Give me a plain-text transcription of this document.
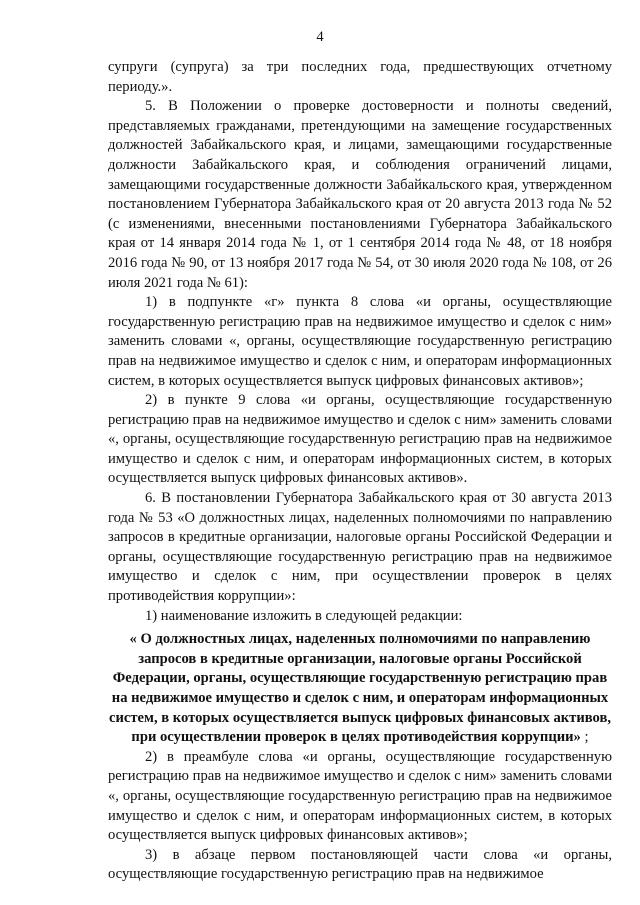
4

супруги (супруга) за три последних года, предшествующих отчетному периоду.».

5. В Положении о проверке достоверности и полноты сведений, представляемых гражданами, претендующими на замещение государственных должностей Забайкальского края, и лицами, замещающими государственные должности Забайкальского края, и соблюдения ограничений лицами, замещающими государственные должности Забайкальского края, утвержденном постановлением Губернатора Забайкальского края от 20 августа 2013 года № 52 (с изменениями, внесенными постановлениями Губернатора Забайкальского края от 14 января 2014 года № 1, от 1 сентября 2014 года № 48, от 18 ноября 2016 года № 90, от 13 ноября 2017 года № 54, от 30 июля 2020 года № 108, от 26 июля 2021 года № 61):

1) в подпункте «г» пункта 8 слова «и органы, осуществляющие государственную регистрацию прав на недвижимое имущество и сделок с ним» заменить словами «, органы, осуществляющие государственную регистрацию прав на недвижимое имущество и сделок с ним, и операторам информационных систем, в которых осуществляется выпуск цифровых финансовых активов»;

2) в пункте 9 слова «и органы, осуществляющие государственную регистрацию прав на недвижимое имущество и сделок с ним» заменить словами «, органы, осуществляющие государственную регистрацию прав на недвижимое имущество и сделок с ним, и операторам информационных систем, в которых осуществляется выпуск цифровых финансовых активов».

6. В постановлении Губернатора Забайкальского края от 30 августа 2013 года № 53 «О должностных лицах, наделенных полномочиями по направлению запросов в кредитные организации, налоговые органы Российской Федерации и органы, осуществляющие государственную регистрацию прав на недвижимое имущество и сделок с ним, при осуществлении проверок в целях противодействия коррупции»:

1) наименование изложить в следующей редакции:

« О должностных лицах, наделенных полномочиями по направлению запросов в кредитные организации, налоговые органы Российской Федерации, органы, осуществляющие государственную регистрацию прав на недвижимое имущество и сделок с ним, и операторам информационных систем, в которых осуществляется выпуск цифровых финансовых активов, при осуществлении проверок в целях противодействия коррупции» ;

2) в преамбуле слова «и органы, осуществляющие государственную регистрацию прав на недвижимое имущество и сделок с ним» заменить словами «, органы, осуществляющие государственную регистрацию прав на недвижимое имущество и сделок с ним, и операторам информационных систем, в которых осуществляется выпуск цифровых финансовых активов»;

3) в абзаце первом постановляющей части слова «и органы, осуществляющие государственную регистрацию прав на недвижимое
